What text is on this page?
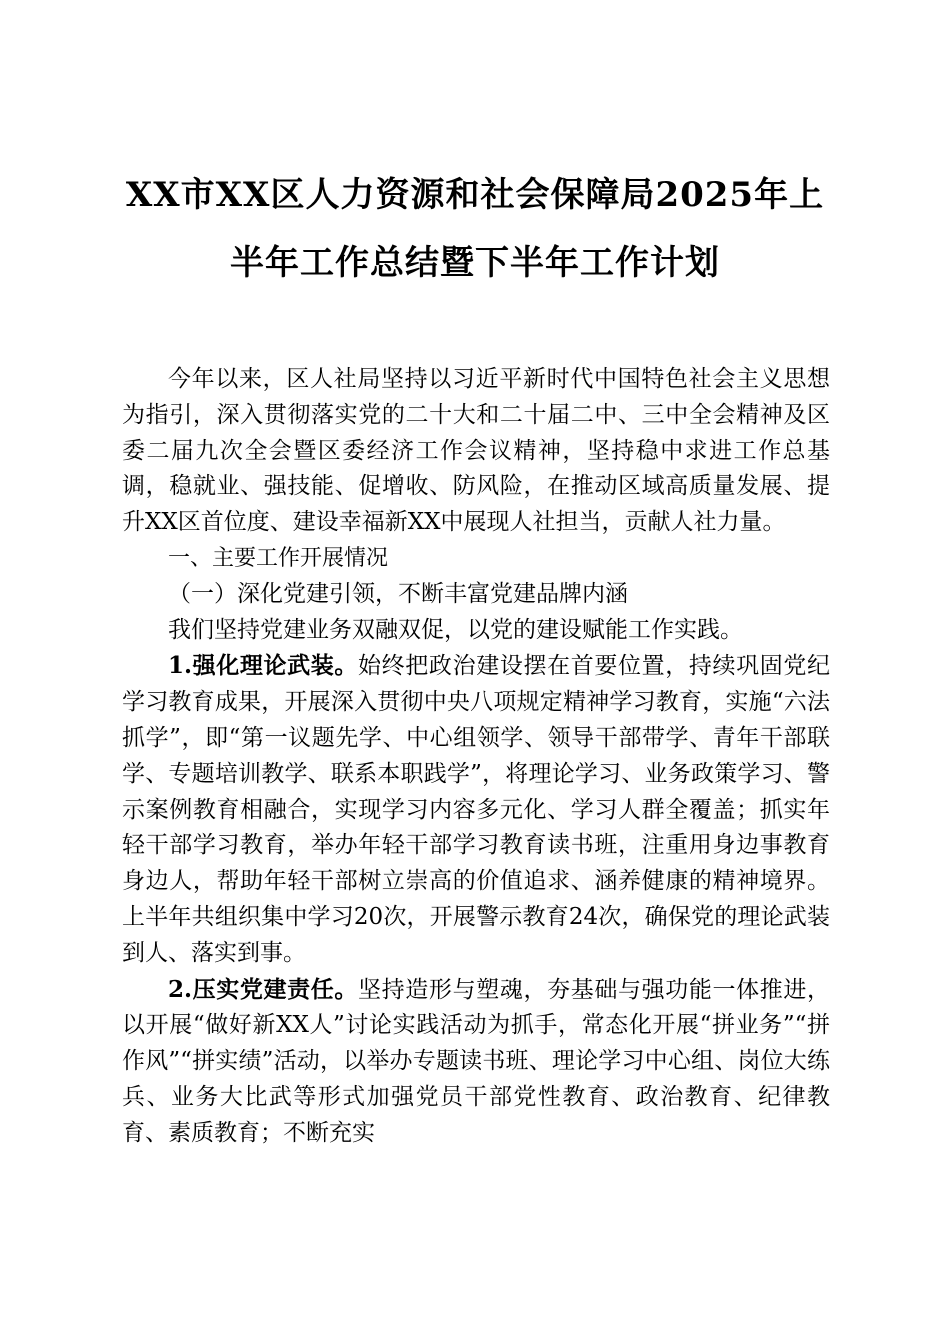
XX市XX区人力资源和社会保障局2025年上
半年工作总结暨下半年工作计划

今年以来，区人社局坚持以习近平新时代中国特色社会主义思想为指引，深入贯彻落实党的二十大和二十届二中、三中全会精神及区委二届九次全会暨区委经济工作会议精神，坚持稳中求进工作总基调，稳就业、强技能、促增收、防风险，在推动区域高质量发展、提升XX区首位度、建设幸福新XX中展现人社担当，贡献人社力量。

一、主要工作开展情况

（一）深化党建引领，不断丰富党建品牌内涵

我们坚持党建业务双融双促，以党的建设赋能工作实践。

1.强化理论武装。始终把政治建设摆在首要位置，持续巩固党纪学习教育成果，开展深入贯彻中央八项规定精神学习教育，实施“六法抓学”，即“第一议题先学、中心组领学、领导干部带学、青年干部联学、专题培训教学、联系本职践学”，将理论学习、业务政策学习、警示案例教育相融合，实现学习内容多元化、学习人群全覆盖；抓实年轻干部学习教育，举办年轻干部学习教育读书班，注重用身边事教育身边人，帮助年轻干部树立崇高的价值追求、涵养健康的精神境界。上半年共组织集中学习20次，开展警示教育24次，确保党的理论武装到人、落实到事。

2.压实党建责任。坚持造形与塑魂，夯基础与强功能一体推进，以开展“做好新XX人”讨论实践活动为抓手，常态化开展“拼业务”“拼作风”“拼实绩”活动，以举办专题读书班、理论学习中心组、岗位大练兵、业务大比武等形式加强党员干部党性教育、政治教育、纪律教育、素质教育；不断充实
